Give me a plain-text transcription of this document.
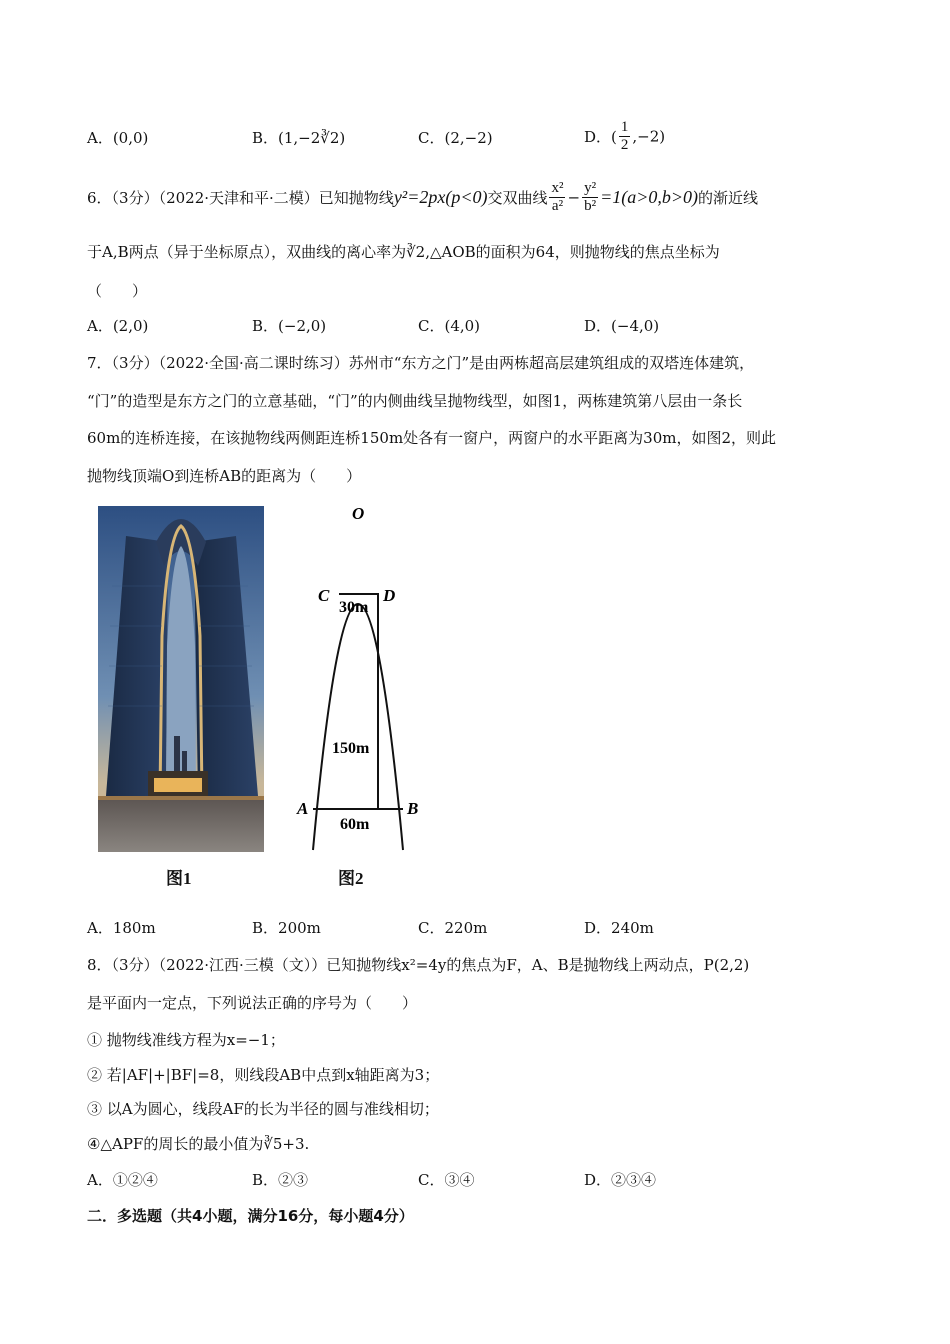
A．(0,0)	B．(1,−2∛2)	C．(2,−2)	D．( $\frac{1}{2} ,-2$)
6．（3分）（2022·天津和平·二模）已知抛物线y²=2px(p<0)交双曲线 $\frac{\text{x²}}{\text{a²}} - \frac{\text{y²}}{\text{b²}} =1(a>0,b>0)$的渐近线
于A,B两点（异于坐标原点），双曲线的离心率为∛2,△AOB的面积为64，则抛物线的焦点坐标为
（　　）
A．(2,0)	B．(−2,0)	C．(4,0)	D．(−4,0)
7．（3分）（2022·全国·高二课时练习）苏州市“东方之门”是由两栋超高层建筑组成的双塔连体建筑，
“门”的造型是东方之门的立意基础，“门”的内侧曲线呈抛物线型，如图1，两栋建筑第八层由一条长
60m的连桥连接，在该抛物线两侧距连桥150m处各有一窗户，两窗户的水平距离为30m，如图2，则此
抛物线顶端O到连桥AB的距离为（　　）
图1
O
C	D
30m
150m
A	B
60m
图2
A．180m	B．200m	C．220m	D．240m
8．（3分）（2022·江西·三模（文））已知抛物线x²=4y的焦点为F，A、B是抛物线上两动点，P(2,2)
是平面内一定点，下列说法正确的序号为（　　）
① 抛物线准线方程为x=−1；
② 若|AF|+|BF|=8，则线段AB中点到x轴距离为3；
③ 以A为圆心，线段AF的长为半径的圆与准线相切；
④△APF的周长的最小值为∛5+3.
A．①②④	B．②③	C．③④	D．②③④
二．多选题（共4小题，满分16分，每小题4分）
